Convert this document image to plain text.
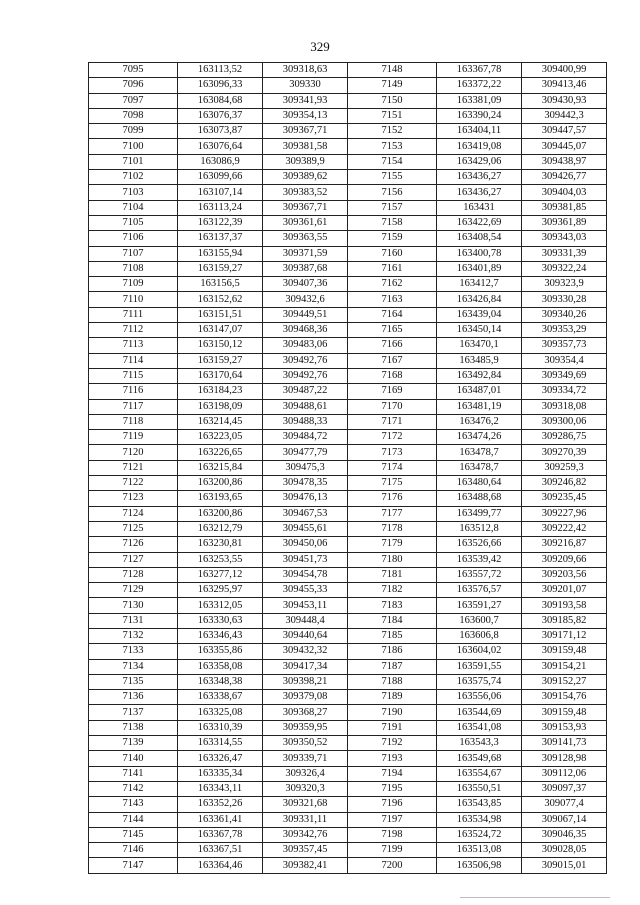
329
7095	163113,52	309318,63	7148	163367,78	309400,99
7096	163096,33	309330	7149	163372,22	309413,46
7097	163084,68	309341,93	7150	163381,09	309430,93
7098	163076,37	309354,13	7151	163390,24	309442,3
7099	163073,87	309367,71	7152	163404,11	309447,57
7100	163076,64	309381,58	7153	163419,08	309445,07
7101	163086,9	309389,9	7154	163429,06	309438,97
7102	163099,66	309389,62	7155	163436,27	309426,77
7103	163107,14	309383,52	7156	163436,27	309404,03
7104	163113,24	309367,71	7157	163431	309381,85
7105	163122,39	309361,61	7158	163422,69	309361,89
7106	163137,37	309363,55	7159	163408,54	309343,03
7107	163155,94	309371,59	7160	163400,78	309331,39
7108	163159,27	309387,68	7161	163401,89	309322,24
7109	163156,5	309407,36	7162	163412,7	309323,9
7110	163152,62	309432,6	7163	163426,84	309330,28
7111	163151,51	309449,51	7164	163439,04	309340,26
7112	163147,07	309468,36	7165	163450,14	309353,29
7113	163150,12	309483,06	7166	163470,1	309357,73
7114	163159,27	309492,76	7167	163485,9	309354,4
7115	163170,64	309492,76	7168	163492,84	309349,69
7116	163184,23	309487,22	7169	163487,01	309334,72
7117	163198,09	309488,61	7170	163481,19	309318,08
7118	163214,45	309488,33	7171	163476,2	309300,06
7119	163223,05	309484,72	7172	163474,26	309286,75
7120	163226,65	309477,79	7173	163478,7	309270,39
7121	163215,84	309475,3	7174	163478,7	309259,3
7122	163200,86	309478,35	7175	163480,64	309246,82
7123	163193,65	309476,13	7176	163488,68	309235,45
7124	163200,86	309467,53	7177	163499,77	309227,96
7125	163212,79	309455,61	7178	163512,8	309222,42
7126	163230,81	309450,06	7179	163526,66	309216,87
7127	163253,55	309451,73	7180	163539,42	309209,66
7128	163277,12	309454,78	7181	163557,72	309203,56
7129	163295,97	309455,33	7182	163576,57	309201,07
7130	163312,05	309453,11	7183	163591,27	309193,58
7131	163330,63	309448,4	7184	163600,7	309185,82
7132	163346,43	309440,64	7185	163606,8	309171,12
7133	163355,86	309432,32	7186	163604,02	309159,48
7134	163358,08	309417,34	7187	163591,55	309154,21
7135	163348,38	309398,21	7188	163575,74	309152,27
7136	163338,67	309379,08	7189	163556,06	309154,76
7137	163325,08	309368,27	7190	163544,69	309159,48
7138	163310,39	309359,95	7191	163541,08	309153,93
7139	163314,55	309350,52	7192	163543,3	309141,73
7140	163326,47	309339,71	7193	163549,68	309128,98
7141	163335,34	309326,4	7194	163554,67	309112,06
7142	163343,11	309320,3	7195	163550,51	309097,37
7143	163352,26	309321,68	7196	163543,85	309077,4
7144	163361,41	309331,11	7197	163534,98	309067,14
7145	163367,78	309342,76	7198	163524,72	309046,35
7146	163367,51	309357,45	7199	163513,08	309028,05
7147	163364,46	309382,41	7200	163506,98	309015,01
